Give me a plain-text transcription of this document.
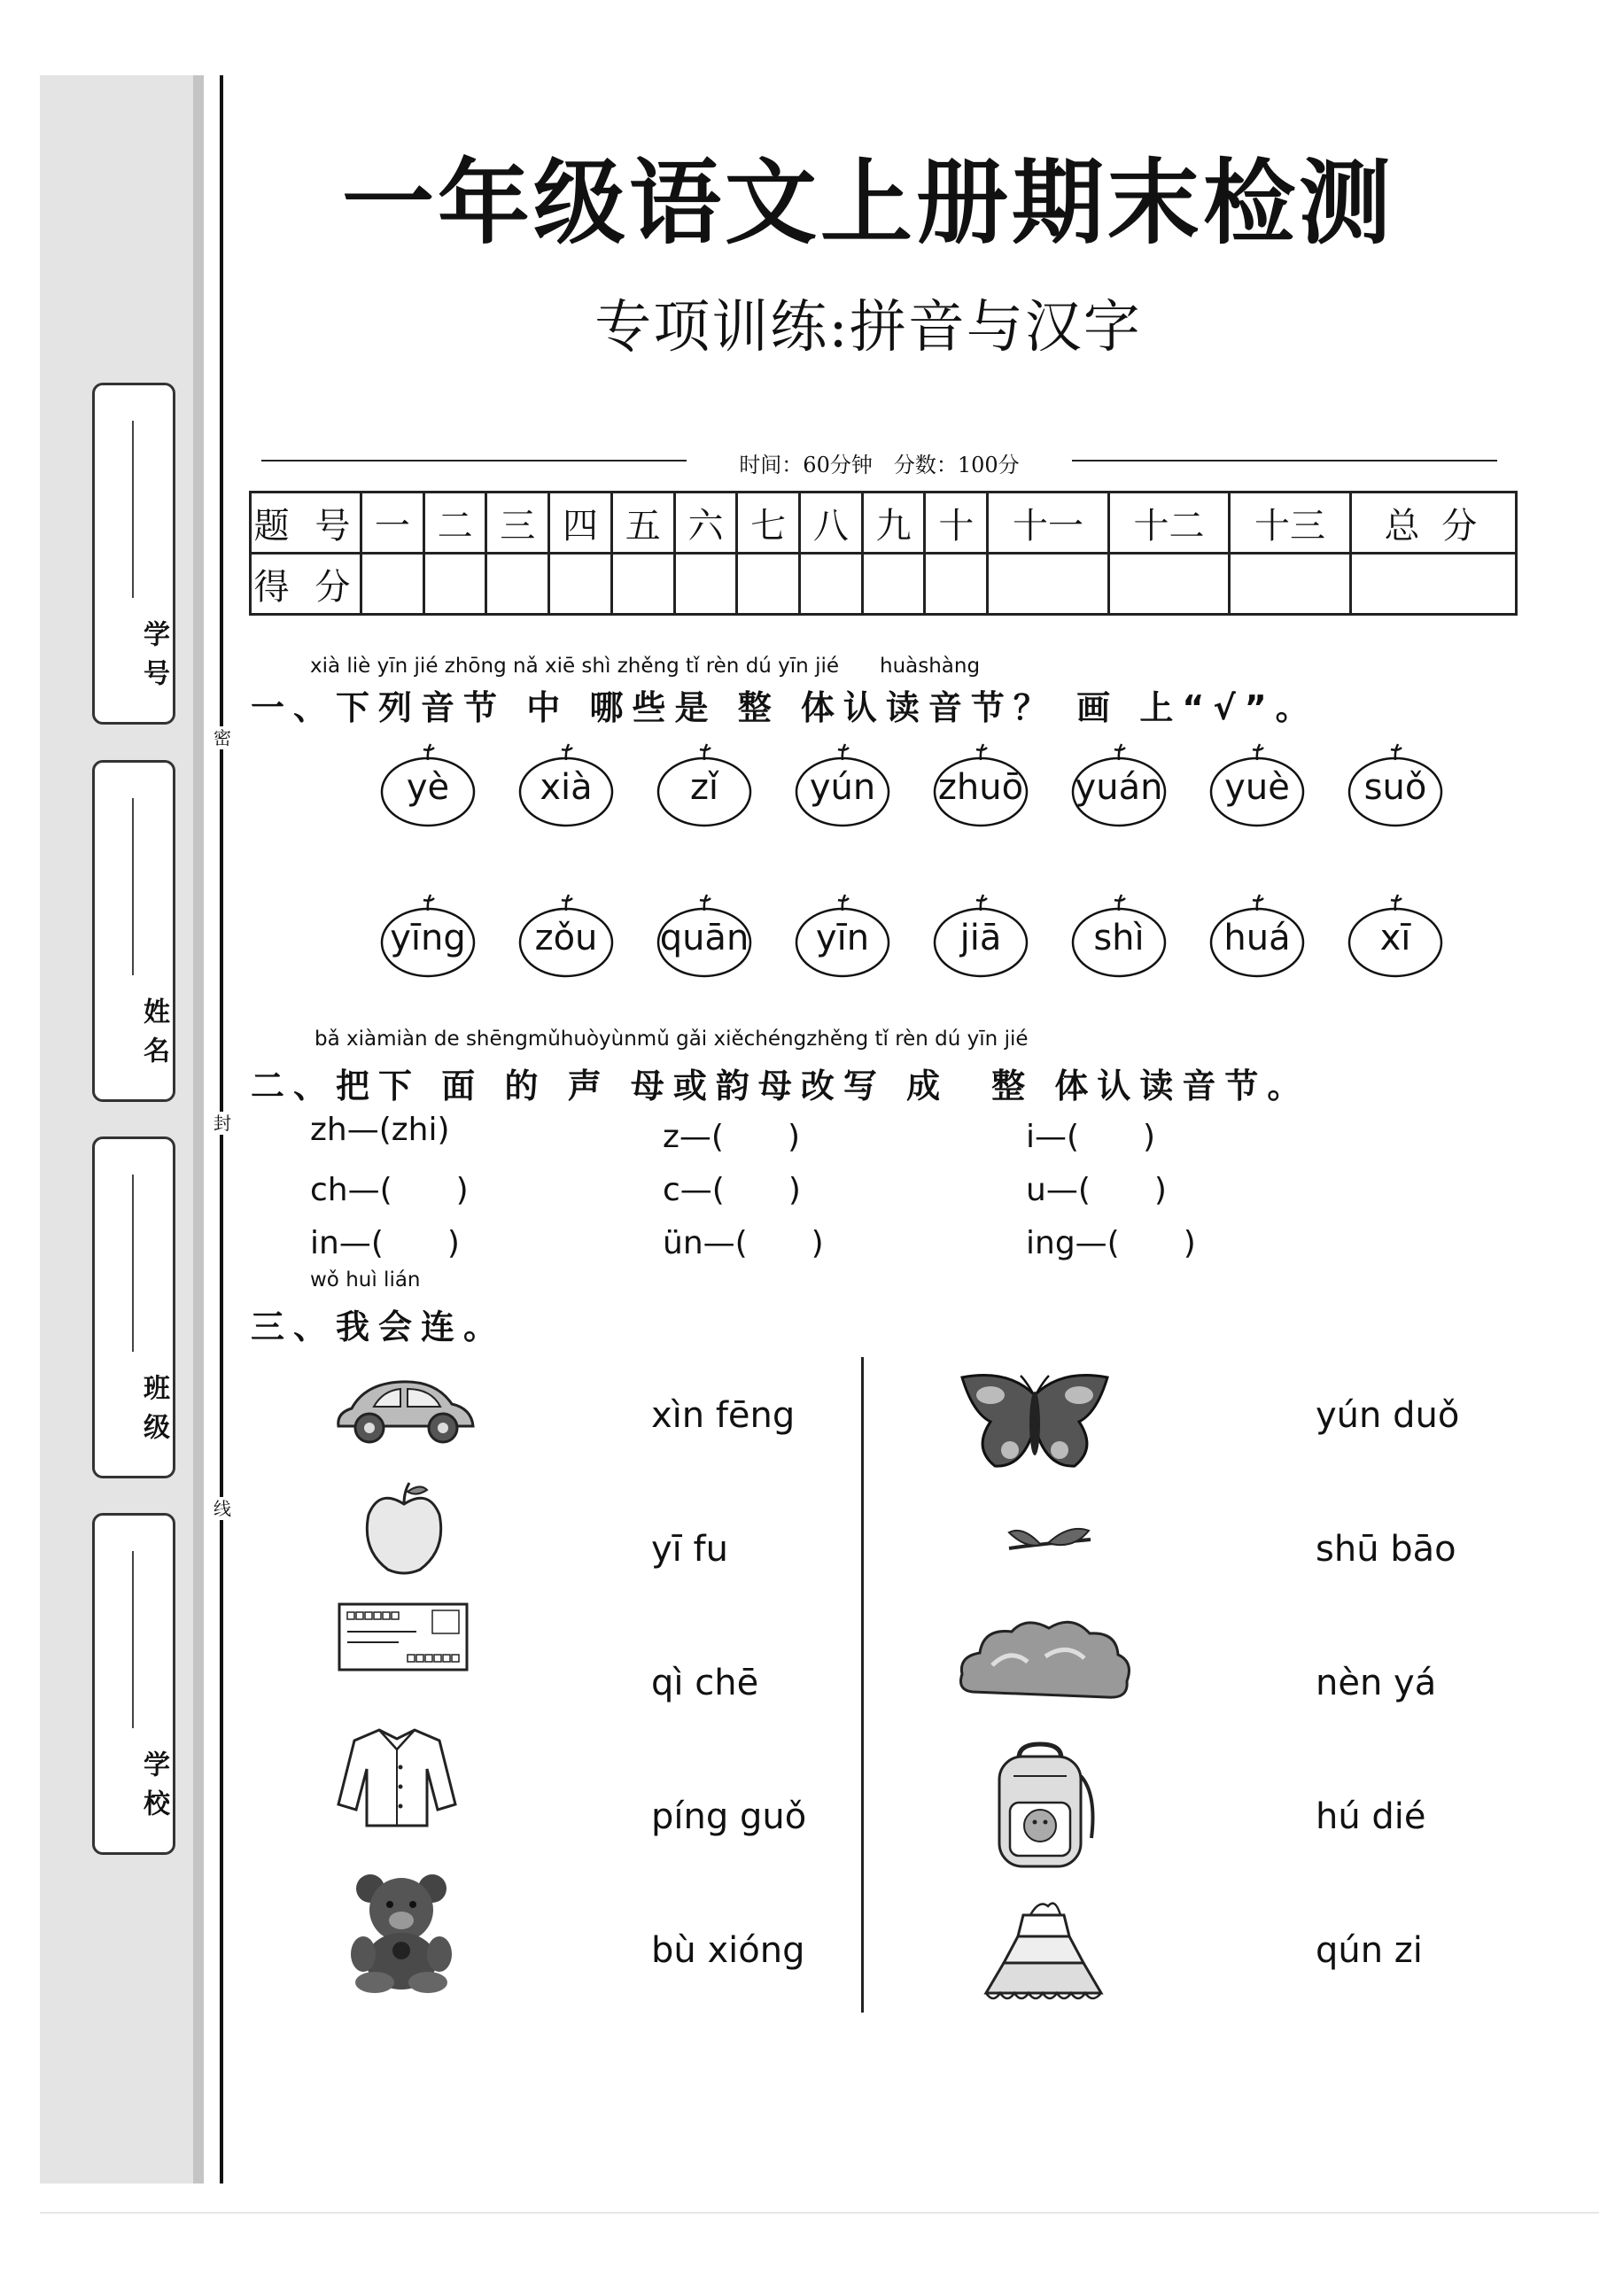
密
封
线
学号
姓名
班级
学校
一年级语文上册期末检测
专项训练:拼音与汉字
时间：60分钟　分数：100分
题 号	一	二	三	四	五	六	七	八	九	十	十一	十二	十三	总 分
得 分														
xià liè yīn jié zhōng nǎ xiē shì zhěng tǐ rèn dú yīn jié　　huàshàng
一、下列音节 中 哪些是 整 体认读音节？ 画 上“√”。
yè	xià	zǐ	yún	zhuō yuán	yuè	suǒ
yīng	zǒu	quān	yīn	jiā	shì	huá	xī
bǎ xiàmiàn de shēngmǔhuòyùnmǔ gǎi xiěchéngzhěng tǐ rèn dú yīn jié
二、把下 面 的 声 母或韵母改写 成　整 体认读音节。
zh—(zhi)	z—(　　)	i—(　　)
ch—(　　)	c—(　　)	u—(　　)
in—(　　)	ün—(　　)	ing—(　　)
wǒ huì lián
三、我会连。
xìn fēng
yī fu
qì chē
píng guǒ
bù xióng
yún duǒ
shū bāo
nèn yá
hú dié
qún zi
